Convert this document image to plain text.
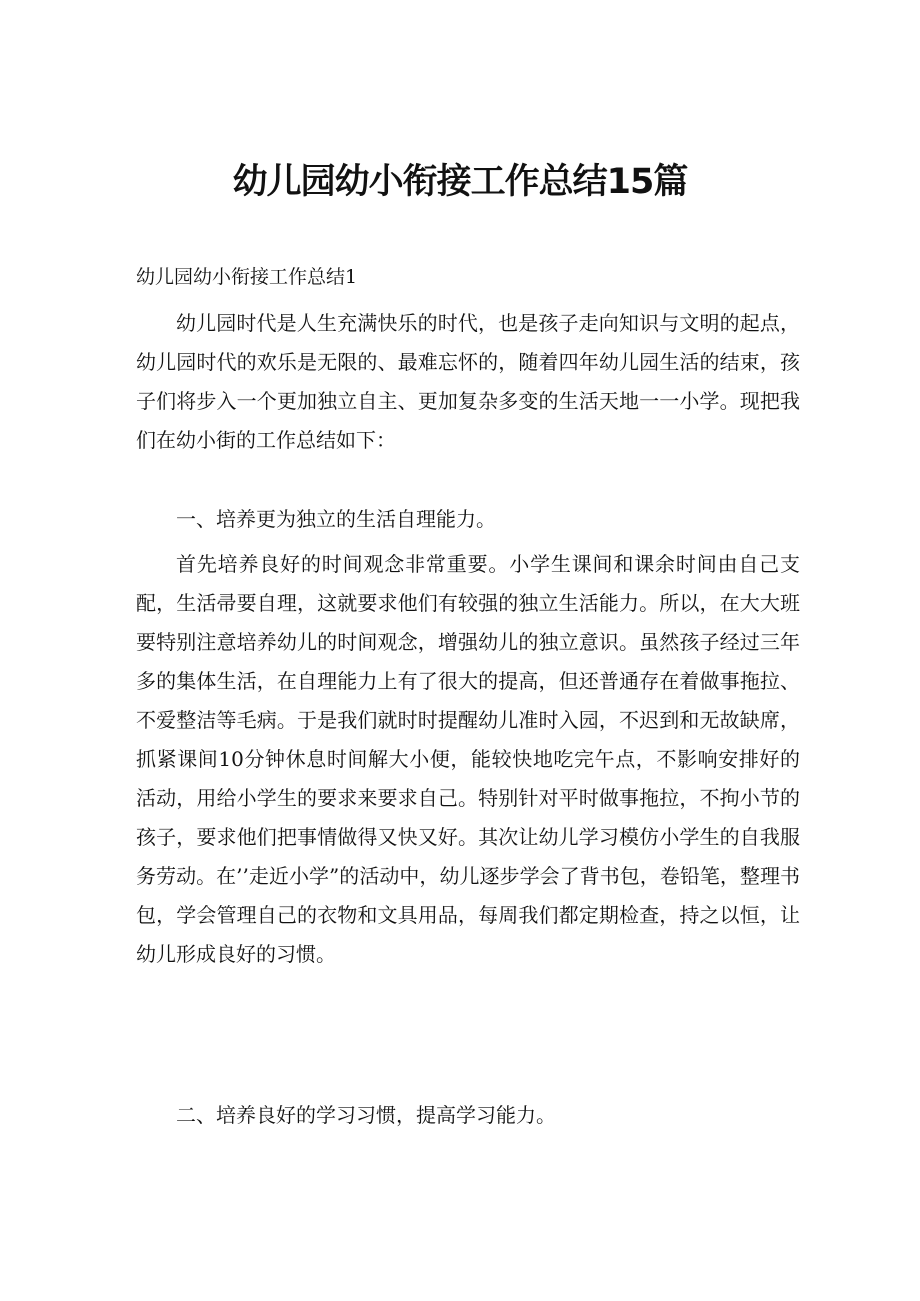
幼儿园幼小衔接工作总结15篇

幼儿园幼小衔接工作总结1

幼儿园时代是人生充满快乐的时代，也是孩子走向知识与文明的起点，幼儿园时代的欢乐是无限的、最难忘怀的，随着四年幼儿园生活的结束，孩子们将步入一个更加独立自主、更加复杂多变的生活天地一一小学。现把我们在幼小街的工作总结如下：

一、培养更为独立的生活自理能力。

首先培养良好的时间观念非常重要。小学生课间和课余时间由自己支配，生活帚要自理，这就要求他们有较强的独立生活能力。所以，在大大班要特别注意培养幼儿的时间观念，增强幼儿的独立意识。虽然孩子经过三年多的集体生活，在自理能力上有了很大的提高，但还普通存在着做事拖拉、不爱整洁等毛病。于是我们就时时提醒幼儿准时入园，不迟到和无故缺席，抓紧课间10分钟休息时间解大小便，能较快地吃完午点，不影响安排好的活动，用给小学生的要求来要求自己。特别针对平时做事拖拉，不拘小节的孩子，要求他们把事情做得又快又好。其次让幼儿学习模仿小学生的自我服务劳动。在’’走近小学”的活动中，幼儿逐步学会了背书包，卷铅笔，整理书包，学会管理自己的衣物和文具用品，每周我们都定期检查，持之以恒，让幼儿形成良好的习惯。

二、培养良好的学习习惯，提高学习能力。
